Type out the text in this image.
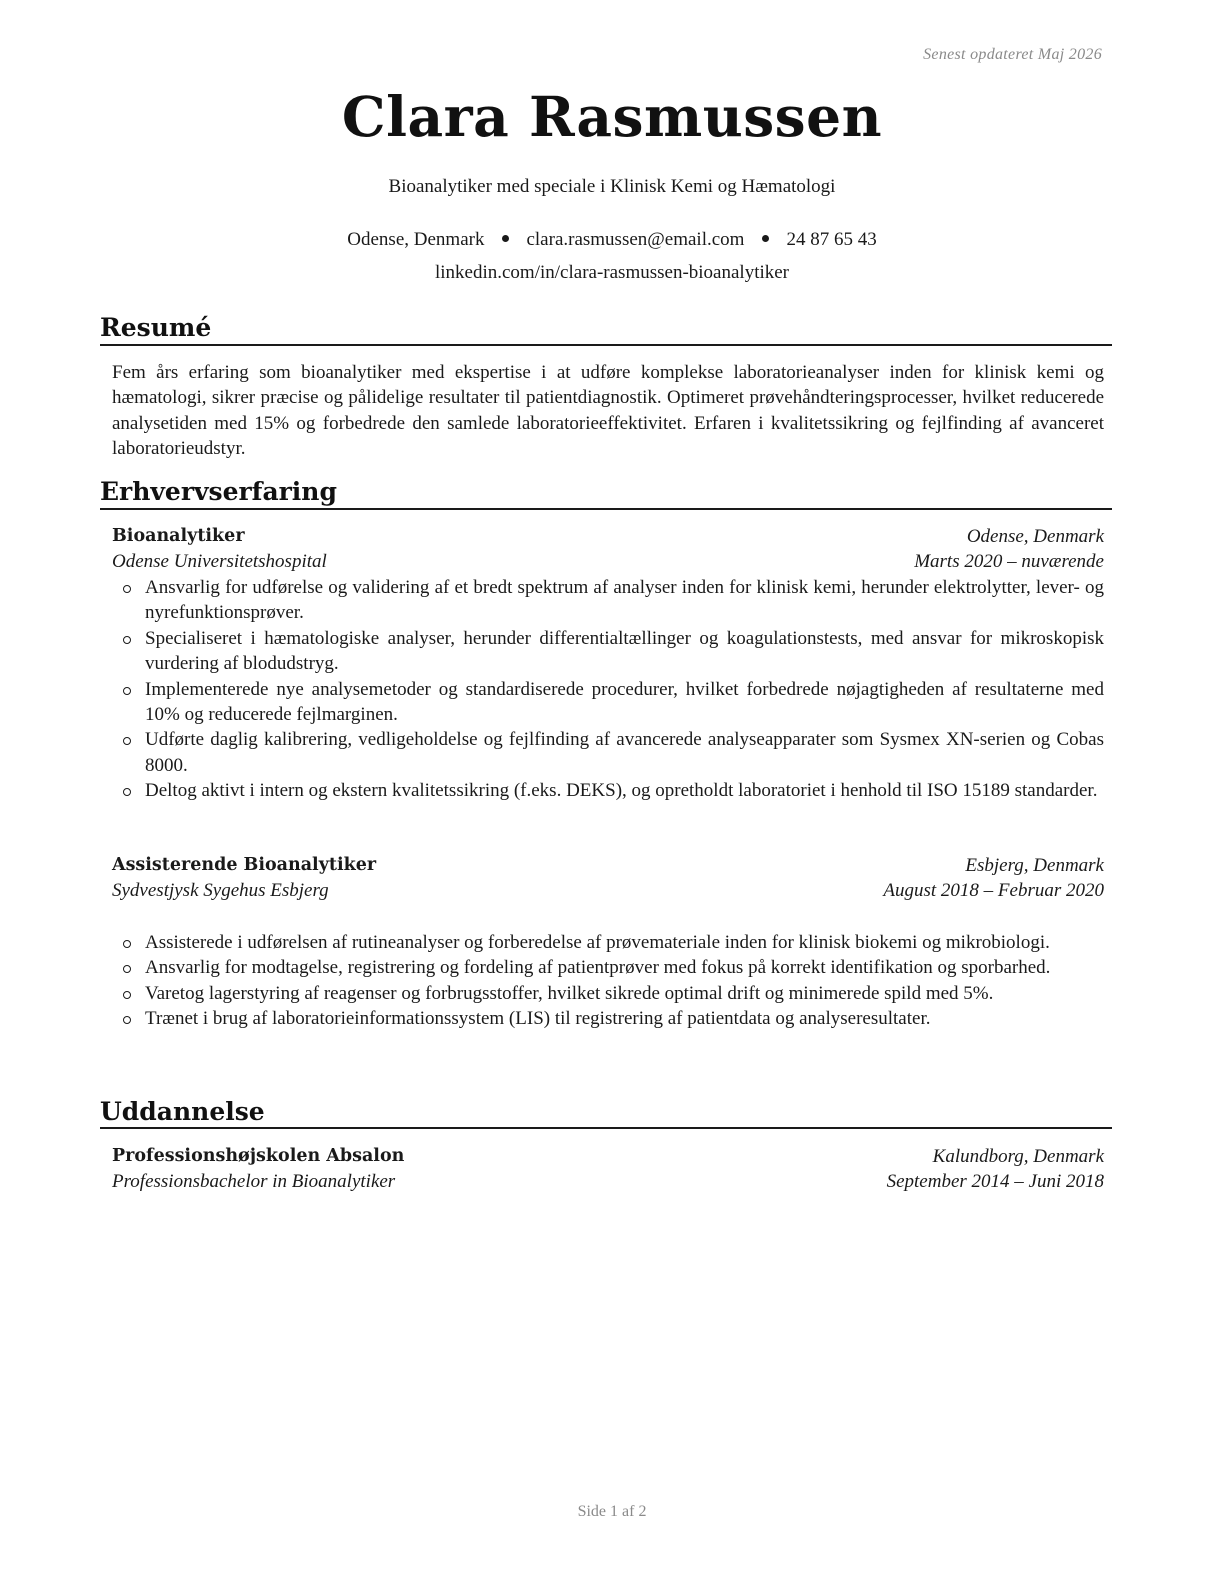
Senest opdateret Maj 2026
Clara Rasmussen
Bioanalytiker med speciale i Klinisk Kemi og Hæmatologi
Odense, Denmark clara.rasmussen@email.com 24 87 65 43
linkedin.com/in/clara-rasmussen-bioanalytiker
Resumé

Fem års erfaring som bioanalytiker med ekspertise i at udføre komplekse laboratorieanalyser inden for klinisk kemi og hæmatologi, sikrer præcise og pålidelige resultater til patientdiagnostik. Optimeret prøvehåndteringsprocesser, hvilket reducerede analysetiden med 15% og forbedrede den samlede laboratorieeffektivitet. Erfaren i kvalitetssikring og fejlfinding af avanceret laboratorieudstyr.

Erhvervserfaring
Bioanalytiker	Odense, Denmark
Odense Universitetshospital	Marts 2020 – nuværende
Ansvarlig for udførelse og validering af et bredt spektrum af analyser inden for klinisk kemi, herunder elektrolytter, lever- og nyrefunktionsprøver.
Specialiseret i hæmatologiske analyser, herunder differentialtællinger og koagulationstests, med ansvar for mikroskopisk vurdering af blodudstryg.
Implementerede nye analysemetoder og standardiserede procedurer, hvilket forbedrede nøjagtigheden af resultaterne med 10% og reducerede fejlmarginen.
Udførte daglig kalibrering, vedligeholdelse og fejlfinding af avancerede analyseapparater som Sysmex XN-serien og Cobas 8000.
Deltog aktivt i intern og ekstern kvalitetssikring (f.eks. DEKS), og opretholdt laboratoriet i henhold til ISO 15189 standarder.
Assisterende Bioanalytiker	Esbjerg, Denmark
Sydvestjysk Sygehus Esbjerg	August 2018 – Februar 2020
Assisterede i udførelsen af rutineanalyser og forberedelse af prøvemateriale inden for klinisk biokemi og mikrobiologi.
Ansvarlig for modtagelse, registrering og fordeling af patientprøver med fokus på korrekt identifikation og sporbarhed.
Varetog lagerstyring af reagenser og forbrugsstoffer, hvilket sikrede optimal drift og minimerede spild med 5%.
Trænet i brug af laboratorieinformationssystem (LIS) til registrering af patientdata og analyseresultater.
Uddannelse
Professionshøjskolen Absalon	Kalundborg, Denmark
Professionsbachelor in Bioanalytiker	September 2014 – Juni 2018
Side 1 af 2
